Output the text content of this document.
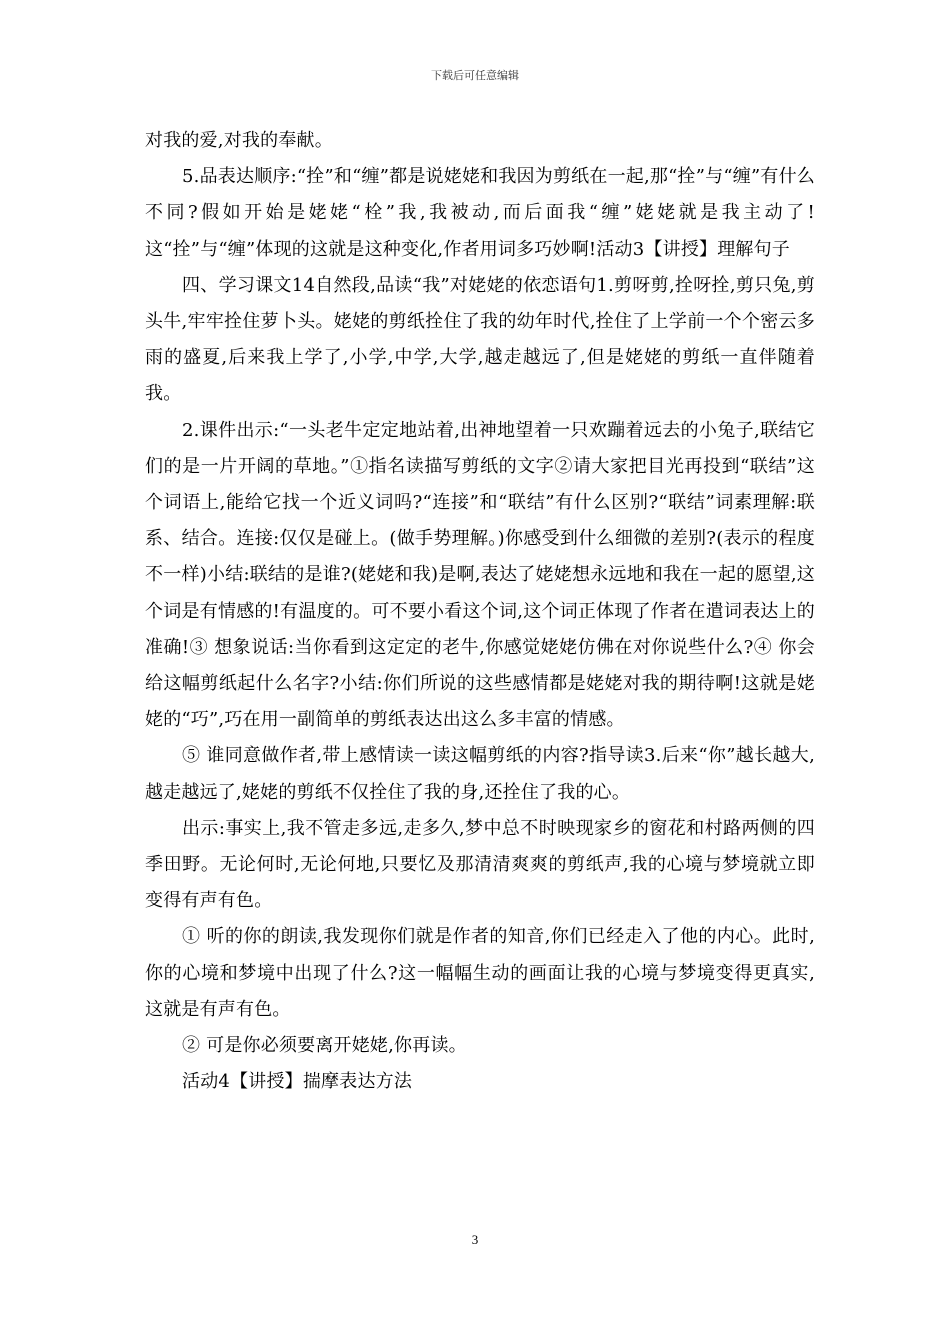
下载后可任意编辑

对我的爱,对我的奉献。

5.品表达顺序:“拴”和“缠”都是说姥姥和我因为剪纸在一起,那“拴”与“缠”有什么不同?假如开始是姥姥“栓”我,我被动,而后面我“缠”姥姥就是我主动了!这“拴”与“缠”体现的这就是这种变化,作者用词多巧妙啊!活动3【讲授】理解句子

四、学习课文14自然段,品读“我”对姥姥的依恋语句1.剪呀剪,拴呀拴,剪只兔,剪头牛,牢牢拴住萝卜头。姥姥的剪纸拴住了我的幼年时代,拴住了上学前一个个密云多雨的盛夏,后来我上学了,小学,中学,大学,越走越远了,但是姥姥的剪纸一直伴随着我。

2.课件出示:“一头老牛定定地站着,出神地望着一只欢蹦着远去的小兔子,联结它们的是一片开阔的草地。”①指名读描写剪纸的文字②请大家把目光再投到“联结”这个词语上,能给它找一个近义词吗?“连接”和“联结”有什么区别?“联结”词素理解:联系、结合。连接:仅仅是碰上。(做手势理解。)你感受到什么细微的差别?(表示的程度不一样)小结:联结的是谁?(姥姥和我)是啊,表达了姥姥想永远地和我在一起的愿望,这个词是有情感的!有温度的。可不要小看这个词,这个词正体现了作者在遣词表达上的准确!③ 想象说话:当你看到这定定的老牛,你感觉姥姥仿佛在对你说些什么?④ 你会给这幅剪纸起什么名字?小结:你们所说的这些感情都是姥姥对我的期待啊!这就是姥姥的“巧”,巧在用一副简单的剪纸表达出这么多丰富的情感。

⑤ 谁同意做作者,带上感情读一读这幅剪纸的内容?指导读3.后来“你”越长越大,越走越远了,姥姥的剪纸不仅拴住了我的身,还拴住了我的心。

出示:事实上,我不管走多远,走多久,梦中总不时映现家乡的窗花和村路两侧的四季田野。无论何时,无论何地,只要忆及那清清爽爽的剪纸声,我的心境与梦境就立即变得有声有色。

① 听的你的朗读,我发现你们就是作者的知音,你们已经走入了他的内心。此时,你的心境和梦境中出现了什么?这一幅幅生动的画面让我的心境与梦境变得更真实,这就是有声有色。

② 可是你必须要离开姥姥,你再读。

活动4【讲授】揣摩表达方法

3
